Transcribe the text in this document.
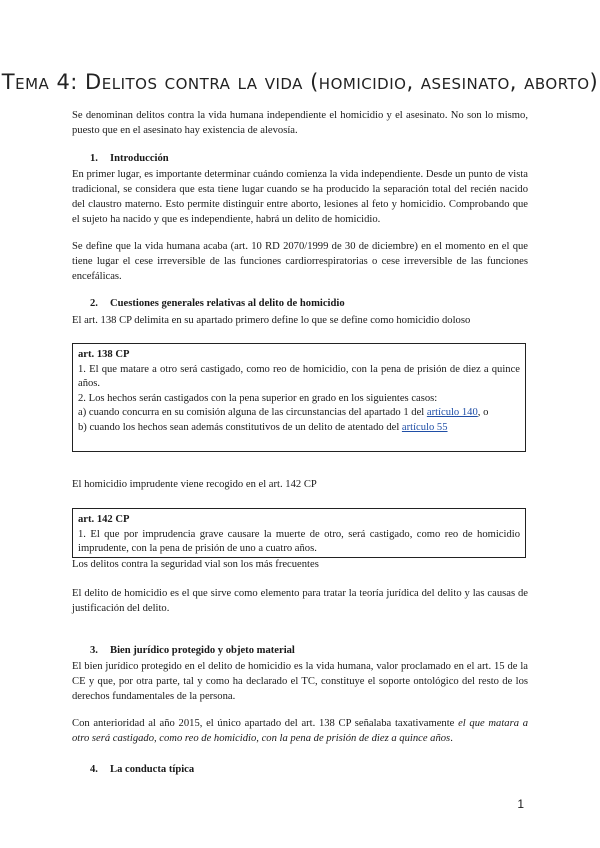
Tema 4: Delitos contra la vida (homicidio, asesinato, aborto)

Se denominan delitos contra la vida humana independiente el homicidio y el asesinato. No son lo mismo, puesto que en el asesinato hay existencia de alevosía.

1. Introducción

En primer lugar, es importante determinar cuándo comienza la vida independiente. Desde un punto de vista tradicional, se considera que esta tiene lugar cuando se ha producido la separación total del recién nacido del claustro materno. Esto permite distinguir entre aborto, lesiones al feto y homicidio. Comprobando que el sujeto ha nacido y que es independiente, habrá un delito de homicidio.

Se define que la vida humana acaba (art. 10 RD 2070/1999 de 30 de diciembre) en el momento en el que tiene lugar el cese irreversible de las funciones cardiorrespiratorias o cese irreversible de las funciones encefálicas.

2. Cuestiones generales relativas al delito de homicidio

El art. 138 CP delimita en su apartado primero define lo que se define como homicidio doloso

art. 138 CP

1. El que matare a otro será castigado, como reo de homicidio, con la pena de prisión de diez a quince años.

2. Los hechos serán castigados con la pena superior en grado en los siguientes casos:

a) cuando concurra en su comisión alguna de las circunstancias del apartado 1 del artículo 140, o

b) cuando los hechos sean además constitutivos de un delito de atentado del artículo 55

El homicidio imprudente viene recogido en el art. 142 CP

art. 142 CP

1. El que por imprudencia grave causare la muerte de otro, será castigado, como reo de homicidio imprudente, con la pena de prisión de uno a cuatro años.

Los delitos contra la seguridad vial son los más frecuentes

El delito de homicidio es el que sirve como elemento para tratar la teoría jurídica del delito y las causas de justificación del delito.

3. Bien jurídico protegido y objeto material

El bien jurídico protegido en el delito de homicidio es la vida humana, valor proclamado en el art. 15 de la CE y que, por otra parte, tal y como ha declarado el TC, constituye el soporte ontológico del resto de los derechos fundamentales de la persona.

Con anterioridad al año 2015, el único apartado del art. 138 CP señalaba taxativamente el que matara a otro será castigado, como reo de homicidio, con la pena de prisión de diez a quince años.

4. La conducta típica
1
